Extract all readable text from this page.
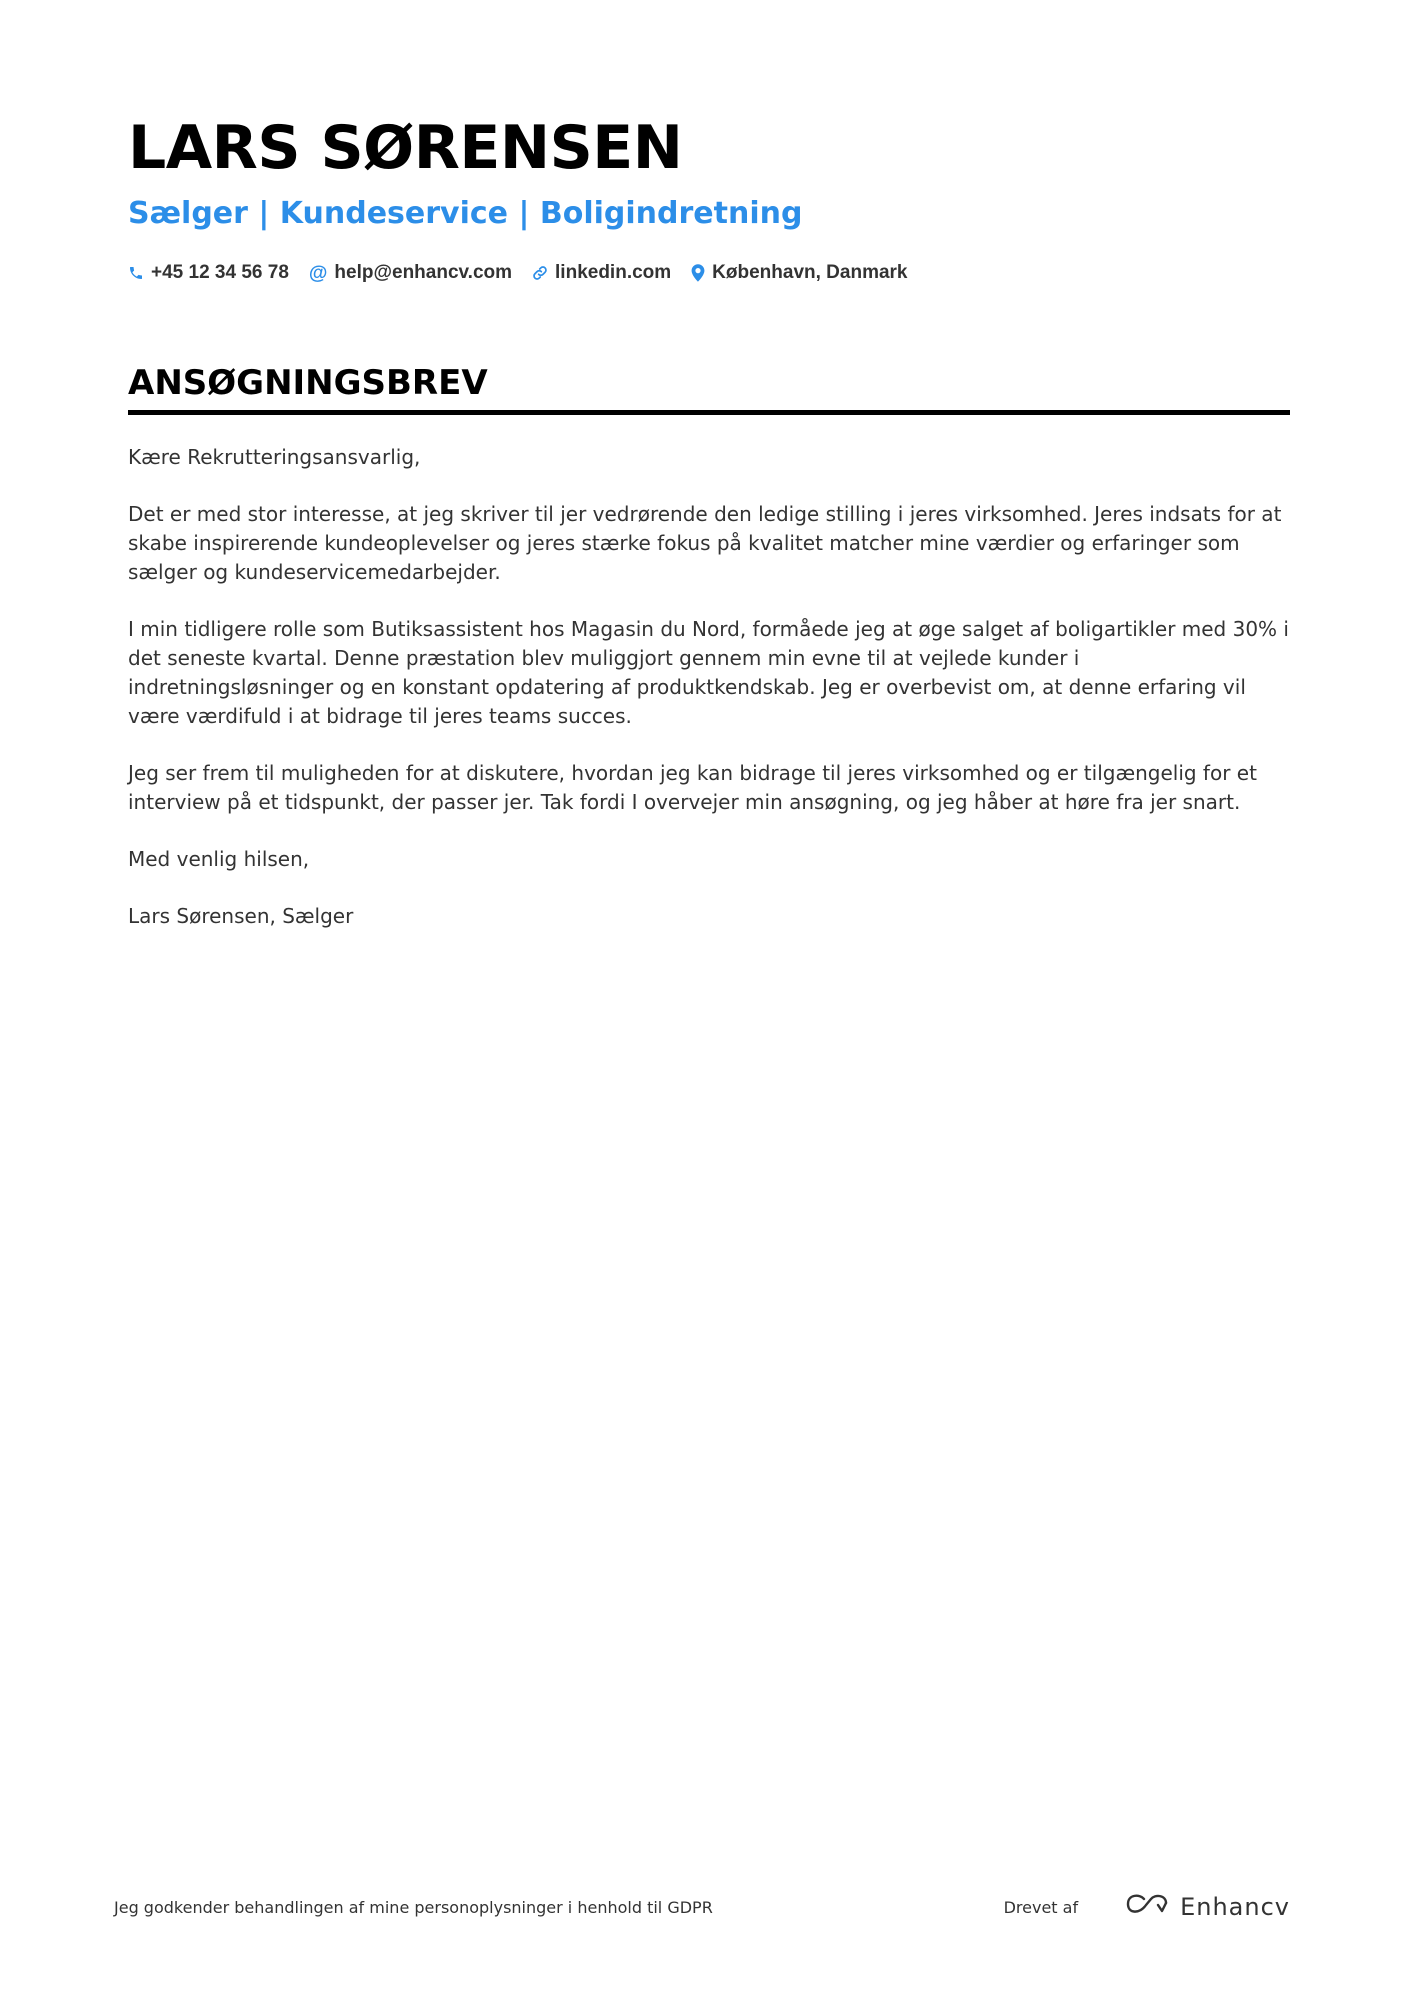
LARS SØRENSEN
Sælger | Kundeservice | Boligindretning
+45 12 34 56 78 @ help@enhancv.com linkedin.com København, Danmark
ANSØGNINGSBREV

Kære Rekrutteringsansvarlig,

Det er med stor interesse, at jeg skriver til jer vedrørende den ledige stilling i jeres virksomhed. Jeres indsats for at skabe inspirerende kundeoplevelser og jeres stærke fokus på kvalitet matcher mine værdier og erfaringer som sælger og kundeservicemedarbejder.

I min tidligere rolle som Butiksassistent hos Magasin du Nord, formåede jeg at øge salget af boligartikler med 30% i det seneste kvartal. Denne præstation blev muliggjort gennem min evne til at vejlede kunder i indretningsløsninger og en konstant opdatering af produktkendskab. Jeg er overbevist om, at denne erfaring vil være værdifuld i at bidrage til jeres teams succes.

Jeg ser frem til muligheden for at diskutere, hvordan jeg kan bidrage til jeres virksomhed og er tilgængelig for et interview på et tidspunkt, der passer jer. Tak fordi I overvejer min ansøgning, og jeg håber at høre fra jer snart.

Med venlig hilsen,

Lars Sørensen, Sælger

Jeg godkender behandlingen af mine personoplysninger i henhold til GDPR	Drevet af	Enhancv
